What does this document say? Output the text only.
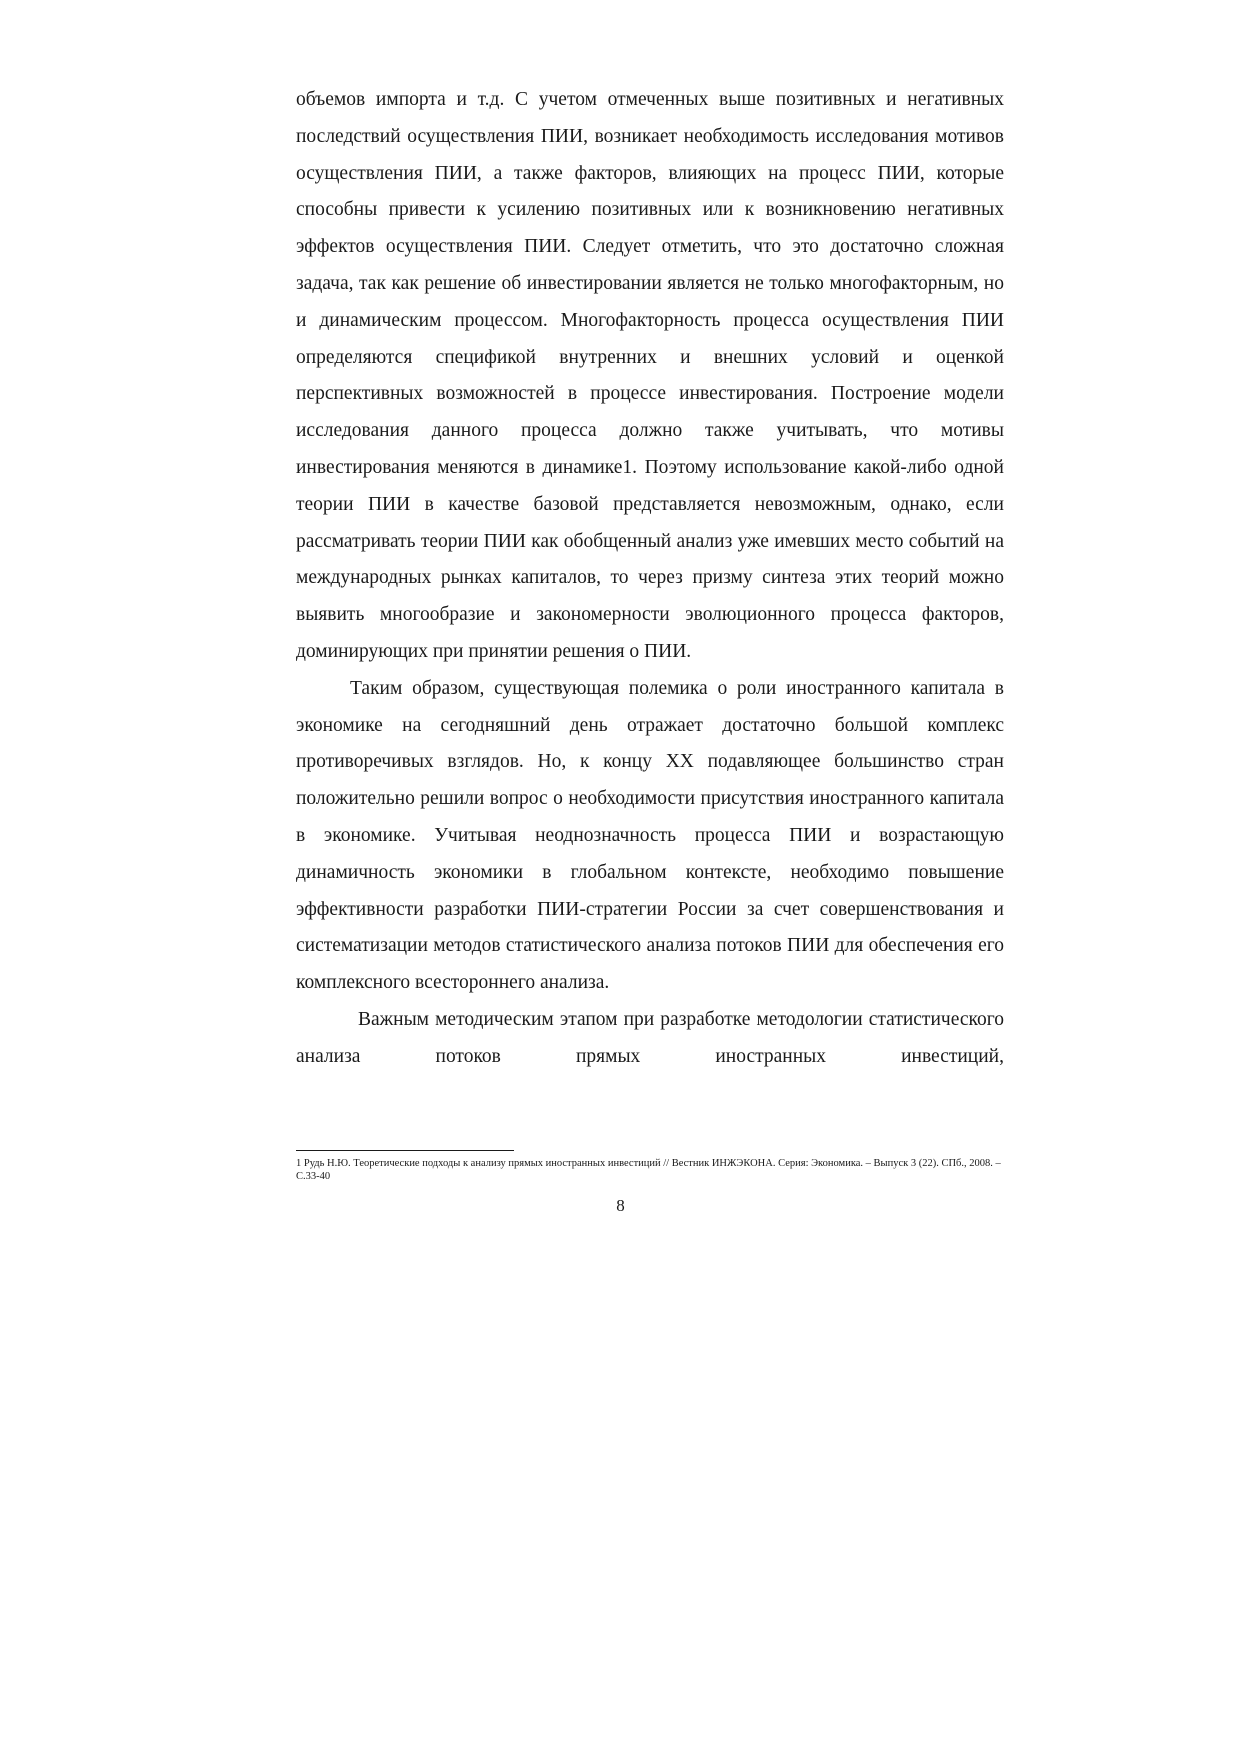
объемов импорта и т.д. С учетом отмеченных выше позитивных и негативных последствий осуществления ПИИ, возникает необходимость исследования мотивов осуществления ПИИ, а также факторов, влияющих на процесс ПИИ, которые способны привести к усилению позитивных или к возникновению негативных эффектов осуществления ПИИ. Следует отметить, что это достаточно сложная задача, так как решение об инвестировании является не только многофакторным, но и динамическим процессом. Многофакторность процесса осуществления ПИИ определяются спецификой внутренних и внешних условий и оценкой перспективных возможностей в процессе инвестирования. Построение модели исследования данного процесса должно также учитывать, что мотивы инвестирования меняются в динамике1. Поэтому использование какой-либо одной теории ПИИ в качестве базовой представляется невозможным, однако, если рассматривать теории ПИИ как обобщенный анализ уже имевших место событий на международных рынках капиталов, то через призму синтеза этих теорий можно выявить многообразие и закономерности эволюционного процесса факторов, доминирующих при принятии решения о ПИИ.

Таким образом, существующая полемика о роли иностранного капитала в экономике на сегодняшний день отражает достаточно большой комплекс противоречивых взглядов. Но, к концу XX подавляющее большинство стран положительно решили вопрос о необходимости присутствия иностранного капитала в экономике. Учитывая неоднозначность процесса ПИИ и возрастающую динамичность экономики в глобальном контексте, необходимо повышение эффективности разработки ПИИ-стратегии России за счет совершенствования и систематизации методов статистического анализа потоков ПИИ для обеспечения его комплексного всестороннего анализа.

Важным методическим этапом при разработке методологии статистического анализа потоков прямых иностранных инвестиций,

1 Рудь Н.Ю. Теоретические подходы к анализу прямых иностранных инвестиций // Вестник ИНЖЭКОНА. Серия: Экономика. – Выпуск 3 (22). СПб., 2008. – С.33-40

8
